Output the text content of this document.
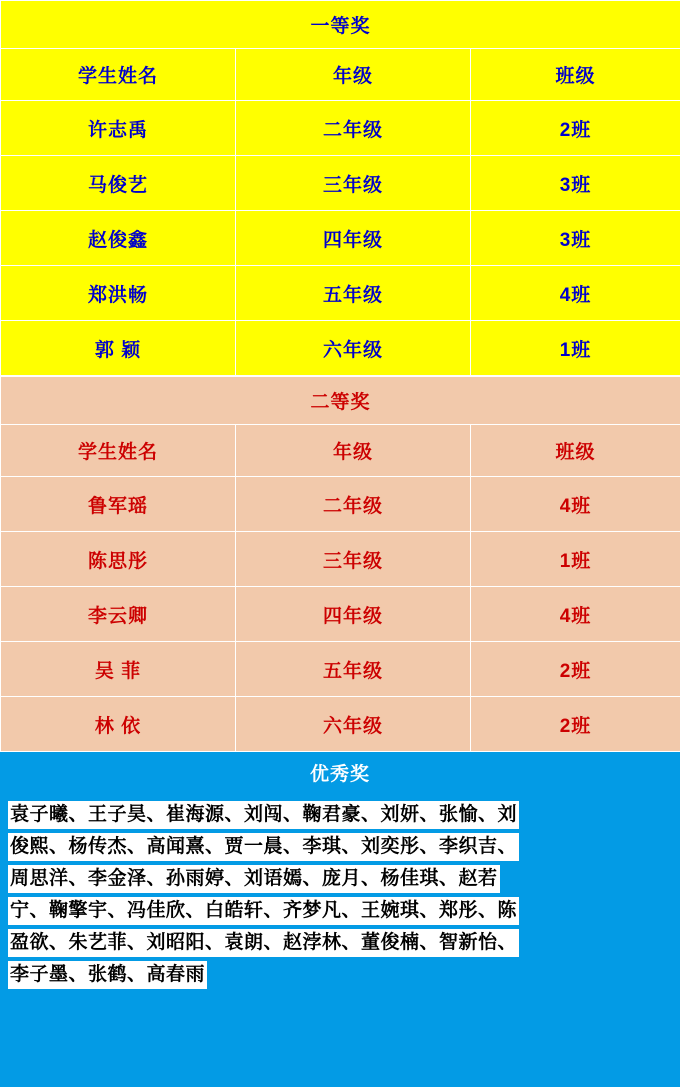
一等奖		
学生姓名	年级	班级
许志禹	二年级	2班
马俊艺	三年级	3班
赵俊鑫	四年级	3班
郑洪畅	五年级	4班
郭 颖	六年级	1班
二等奖		
学生姓名	年级	班级
鲁军瑶	二年级	4班
陈思彤	三年级	1班
李云卿	四年级	4班
吴 菲	五年级	2班
林 依	六年级	2班
优秀奖
袁子曦、王子昊、崔海源、刘闯、鞠君豪、刘妍、张愉、刘
俊熙、杨传杰、高闻熹、贾一晨、李琪、刘奕彤、李织吉、
周思洋、李金泽、孙雨婷、刘语嫣、庞月、杨佳琪、赵若
宁、鞠擎宇、冯佳欣、白皓轩、齐梦凡、王婉琪、郑彤、陈
盈欲、朱艺菲、刘昭阳、袁朗、赵浡林、董俊楠、智新怡、
李子墨、张鹤、高春雨
